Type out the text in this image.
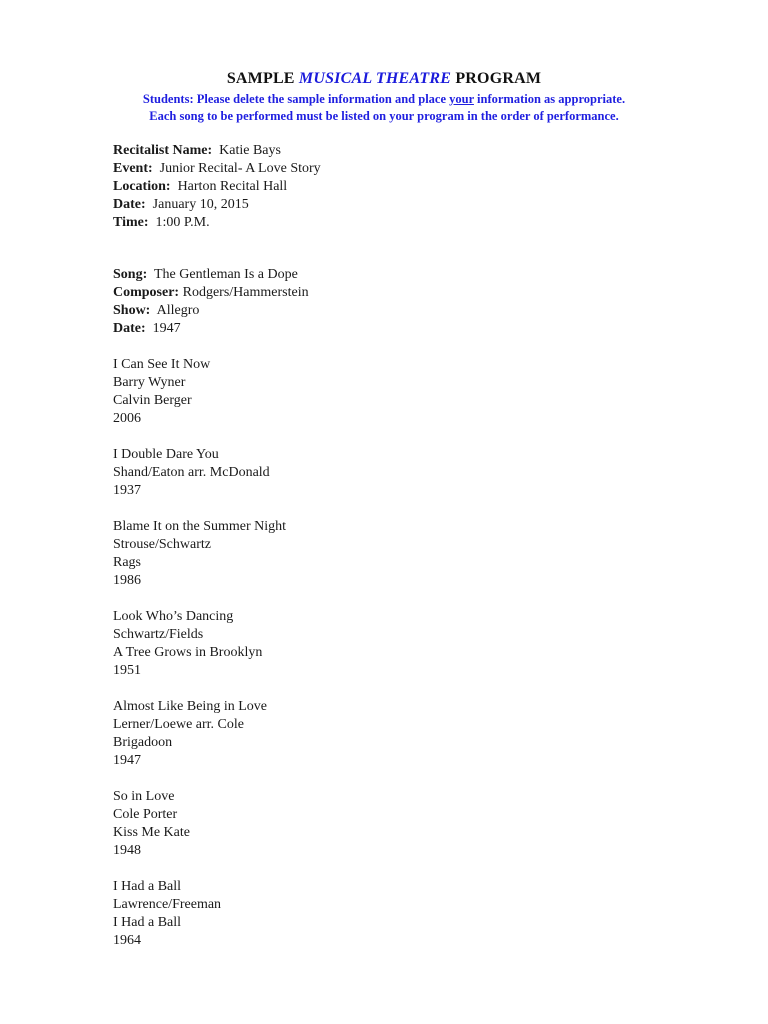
SAMPLE MUSICAL THEATRE PROGRAM
Students: Please delete the sample information and place your information as appropriate.
Each song to be performed must be listed on your program in the order of performance.
Recitalist Name: Katie Bays
Event: Junior Recital- A Love Story
Location: Harton Recital Hall
Date: January 10, 2015
Time: 1:00 P.M.
Song: The Gentleman Is a Dope
Composer: Rodgers/Hammerstein
Show: Allegro
Date: 1947
I Can See It Now
Barry Wyner
Calvin Berger
2006
I Double Dare You
Shand/Eaton arr. McDonald
1937
Blame It on the Summer Night
Strouse/Schwartz
Rags
1986
Look Who’s Dancing
Schwartz/Fields
A Tree Grows in Brooklyn
1951
Almost Like Being in Love
Lerner/Loewe arr. Cole
Brigadoon
1947
So in Love
Cole Porter
Kiss Me Kate
1948
I Had a Ball
Lawrence/Freeman
I Had a Ball
1964
